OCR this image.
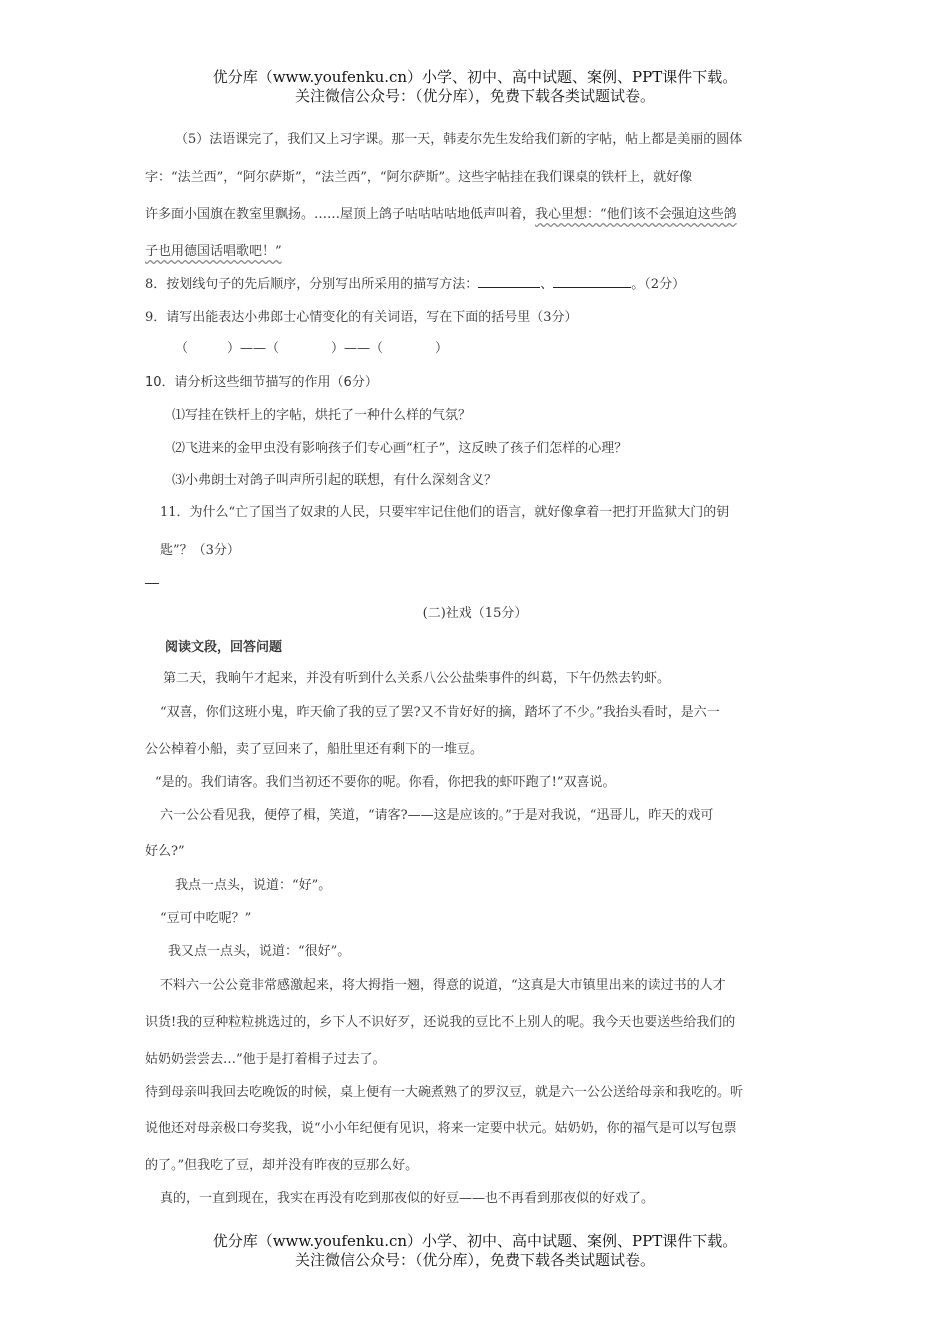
优分库（www.youfenku.cn）小学、初中、高中试题、案例、PPT课件下载。
关注微信公众号：（优分库），免费下载各类试题试卷。
（5）法语课完了，我们又上习字课。那一天，韩麦尔先生发给我们新的字帖，帖上都是美丽的圆体
字：“法兰西”，“阿尔萨斯”，“法兰西”，“阿尔萨斯”。这些字帖挂在我们课桌的铁杆上，就好像
许多面小国旗在教室里飘扬。……屋顶上鸽子咕咕咕咕地低声叫着，我心里想：“他们该不会强迫这些鸽
子也用德国话唱歌吧！”
8．按划线句子的先后顺序，分别写出所采用的描写方法：	、	。（2分）
9．请写出能表达小弗郎士心情变化的有关词语，写在下面的括号里（3分）
（　　　）——（　　　　）——（　　　　）
10．请分析这些细节描写的作用（6分）
⑴写挂在铁杆上的字帖，烘托了一种什么样的气氛？
⑵飞进来的金甲虫没有影响孩子们专心画“杠子”，这反映了孩子们怎样的心理？
⑶小弗朗士对鸽子叫声所引起的联想，有什么深刻含义？
11．为什么“亡了国当了奴隶的人民，只要牢牢记住他们的语言，就好像拿着一把打开监狱大门的钥
匙”？（3分）
(二)社戏（15分）
阅读文段，回答问题
第二天，我晌午才起来，并没有听到什么关系八公公盐柴事件的纠葛，下午仍然去钓虾。
“双喜，你们这班小鬼，昨天偷了我的豆了罢?又不肯好好的摘，踏坏了不少。”我抬头看时，是六一
公公棹着小船，卖了豆回来了，船肚里还有剩下的一堆豆。
“是的。我们请客。我们当初还不要你的呢。你看，你把我的虾吓跑了!”双喜说。
六一公公看见我，便停了楫，笑道，“请客?——这是应该的。”于是对我说，“迅哥儿，昨天的戏可
好么?”
我点一点头，说道：“好”。
“豆可中吃呢？”
我又点一点头，说道：“很好”。
不料六一公公竟非常感激起来，将大拇指一翘，得意的说道，“这真是大市镇里出来的读过书的人才
识货!我的豆种粒粒挑选过的，乡下人不识好歹，还说我的豆比不上别人的呢。我今天也要送些给我们的
姑奶奶尝尝去…”他于是打着楫子过去了。
待到母亲叫我回去吃晚饭的时候，桌上便有一大碗煮熟了的罗汉豆，就是六一公公送给母亲和我吃的。听
说他还对母亲极口夸奖我，说“小小年纪便有见识，将来一定要中状元。姑奶奶，你的福气是可以写包票
的了。”但我吃了豆，却并没有昨夜的豆那么好。
真的，一直到现在，我实在再没有吃到那夜似的好豆——也不再看到那夜似的好戏了。
优分库（www.youfenku.cn）小学、初中、高中试题、案例、PPT课件下载。
关注微信公众号：（优分库），免费下载各类试题试卷。
